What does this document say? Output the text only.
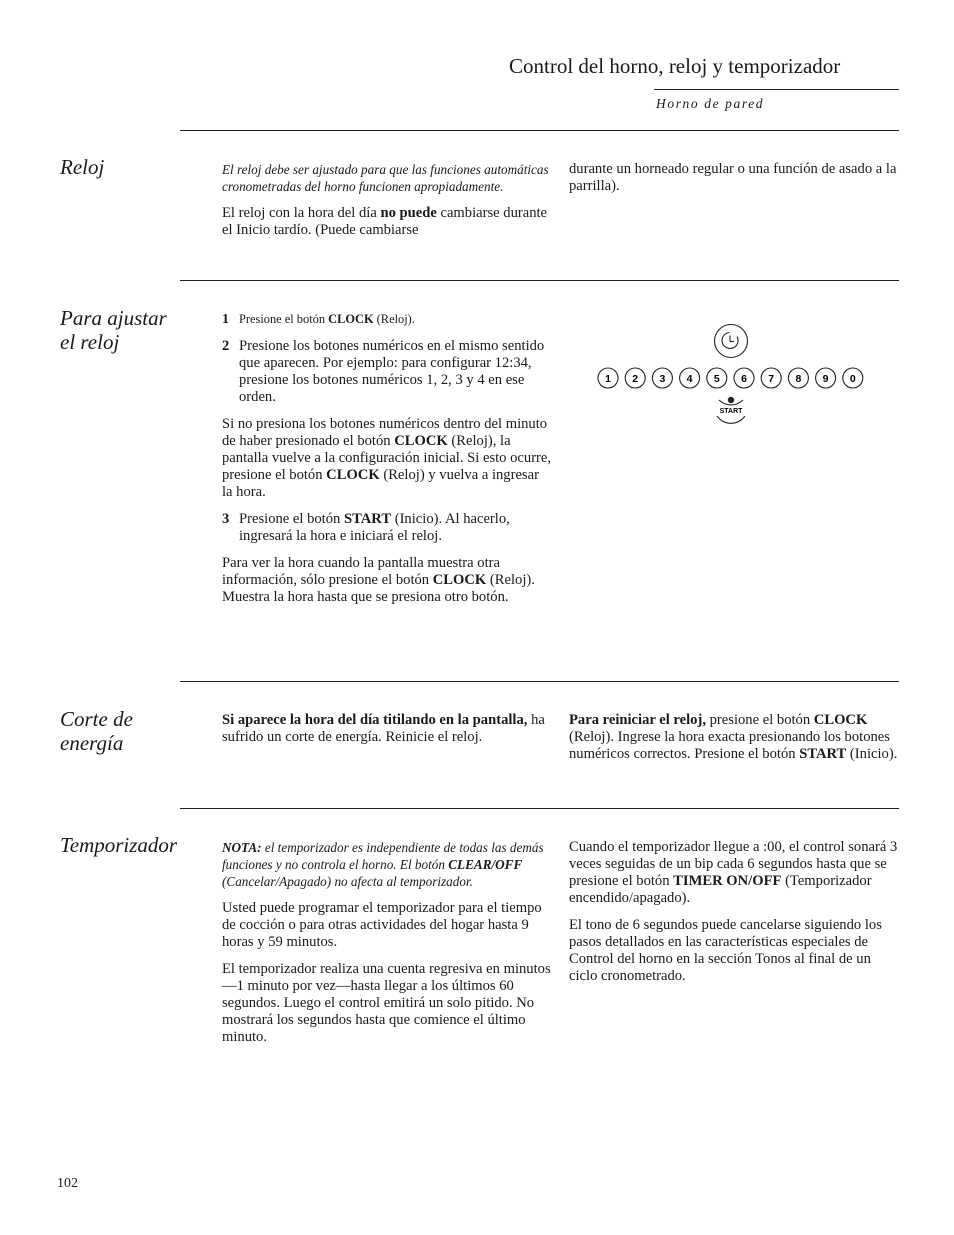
Control del horno, reloj y temporizador
Horno de pared
Reloj	El reloj debe ser ajustado para que las funciones automáticas cronometradas del horno funcionen apropiadamente.

El reloj con la hora del día no puede cambiarse durante el Inicio tardío. (Puede cambiarse

durante un horneado regular o una función de asado a la parrilla).

Para ajustar el reloj

1 Presione el botón CLOCK (Reloj).

2 Presione los botones numéricos en el mismo sentido que aparecen. Por ejemplo: para configurar 12:34, presione los botones numéricos 1, 2, 3 y 4 en ese orden.

Si no presiona los botones numéricos dentro del minuto de haber presionado el botón CLOCK (Reloj), la pantalla vuelve a la configuración inicial. Si esto ocurre, presione el botón CLOCK (Reloj) y vuelva a ingresar la hora.

3 Presione el botón START (Inicio). Al hacerlo, ingresará la hora e iniciará el reloj.

Para ver la hora cuando la pantalla muestra otra información, sólo presione el botón CLOCK (Reloj). Muestra la hora hasta que se presiona otro botón.

1 2 3 4 5 6 7 8 9 0
START
Corte de energía

Si aparece la hora del día titilando en la pantalla, ha sufrido un corte de energía. Reinicie el reloj.

Para reiniciar el reloj, presione el botón CLOCK (Reloj). Ingrese la hora exacta presionando los botones numéricos correctos. Presione el botón START (Inicio).

Temporizador	NOTA: el temporizador es independiente de todas las demás funciones y no controla el horno. El botón CLEAR/OFF (Cancelar/Apagado) no afecta al temporizador.

Usted puede programar el temporizador para el tiempo de cocción o para otras actividades del hogar hasta 9 horas y 59 minutos.

El temporizador realiza una cuenta regresiva en minutos—1 minuto por vez—hasta llegar a los últimos 60 segundos. Luego el control emitirá un solo pitido. No mostrará los segundos hasta que comience el último minuto.

Cuando el temporizador llegue a :00, el control sonará 3 veces seguidas de un bip cada 6 segundos hasta que se presione el botón TIMER ON/OFF (Temporizador encendido/apagado).

El tono de 6 segundos puede cancelarse siguiendo los pasos detallados en las características especiales de Control del horno en la sección Tonos al final de un ciclo cronometrado.

102
